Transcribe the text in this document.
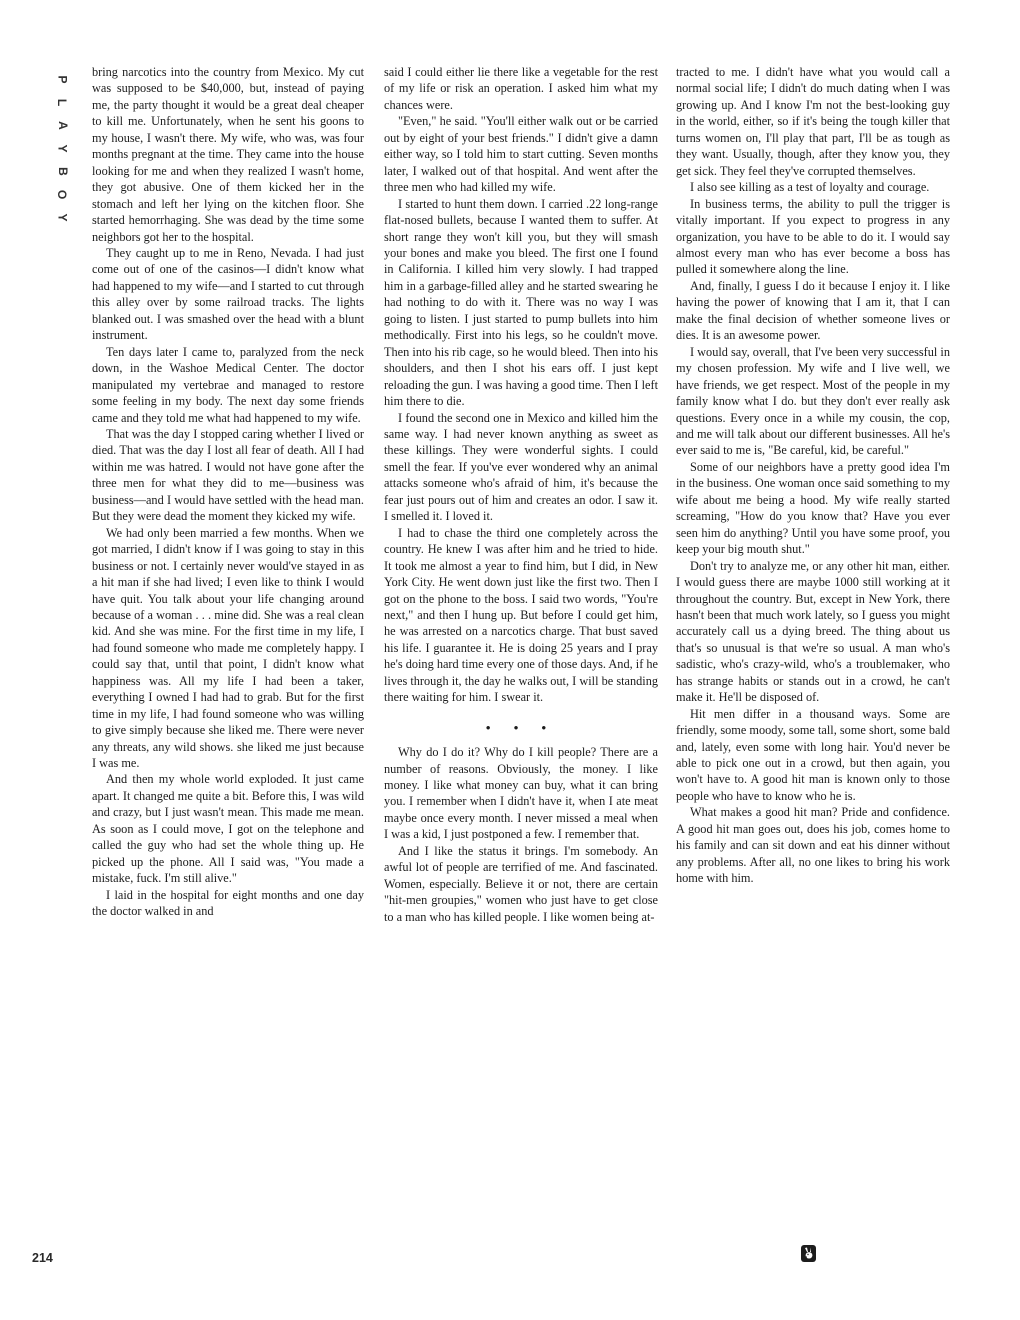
P
L
A
Y
B
O
Y
214

bring narcotics into the country from Mexico. My cut was supposed to be $40,000, but, instead of paying me, the party thought it would be a great deal cheaper to kill me. Unfortunately, when he sent his goons to my house, I wasn't there. My wife, who was, was four months pregnant at the time. They came into the house looking for me and when they realized I wasn't home, they got abusive. One of them kicked her in the stomach and left her lying on the kitchen floor. She started hemorrhaging. She was dead by the time some neighbors got her to the hospital.

They caught up to me in Reno, Nevada. I had just come out of one of the casinos—I didn't know what had happened to my wife—and I started to cut through this alley over by some railroad tracks. The lights blanked out. I was smashed over the head with a blunt instrument.

Ten days later I came to, paralyzed from the neck down, in the Washoe Medical Center. The doctor manipulated my vertebrae and managed to restore some feeling in my body. The next day some friends came and they told me what had happened to my wife.

That was the day I stopped caring whether I lived or died. That was the day I lost all fear of death. All I had within me was hatred. I would not have gone after the three men for what they did to me—business was business—and I would have settled with the head man. But they were dead the moment they kicked my wife.

We had only been married a few months. When we got married, I didn't know if I was going to stay in this business or not. I certainly never would've stayed in as a hit man if she had lived; I even like to think I would have quit. You talk about your life changing around because of a woman . . . mine did. She was a real clean kid. And she was mine. For the first time in my life, I had found someone who made me completely happy. I could say that, until that point, I didn't know what happiness was. All my life I had been a taker, everything I owned I had had to grab. But for the first time in my life, I had found someone who was willing to give simply because she liked me. There were never any threats, any wild shows. she liked me just because I was me.

And then my whole world exploded. It just came apart. It changed me quite a bit. Before this, I was wild and crazy, but I just wasn't mean. This made me mean. As soon as I could move, I got on the telephone and called the guy who had set the whole thing up. He picked up the phone. All I said was, "You made a mistake, fuck. I'm still alive."

I laid in the hospital for eight months and one day the doctor walked in and

said I could either lie there like a vegetable for the rest of my life or risk an operation. I asked him what my chances were.

"Even," he said. "You'll either walk out or be carried out by eight of your best friends." I didn't give a damn either way, so I told him to start cutting. Seven months later, I walked out of that hospital. And went after the three men who had killed my wife.

I started to hunt them down. I carried .22 long-range flat-nosed bullets, because I wanted them to suffer. At short range they won't kill you, but they will smash your bones and make you bleed. The first one I found in California. I killed him very slowly. I had trapped him in a garbage-filled alley and he started swearing he had nothing to do with it. There was no way I was going to listen. I just started to pump bullets into him methodically. First into his legs, so he couldn't move. Then into his rib cage, so he would bleed. Then into his shoulders, and then I shot his ears off. I just kept reloading the gun. I was having a good time. Then I left him there to die.

I found the second one in Mexico and killed him the same way. I had never known anything as sweet as these killings. They were wonderful sights. I could smell the fear. If you've ever wondered why an animal attacks someone who's afraid of him, it's because the fear just pours out of him and creates an odor. I saw it. I smelled it. I loved it.

I had to chase the third one completely across the country. He knew I was after him and he tried to hide. It took me almost a year to find him, but I did, in New York City. He went down just like the first two. Then I got on the phone to the boss. I said two words, "You're next," and then I hung up. But before I could get him, he was arrested on a narcotics charge. That bust saved his life. I guarantee it. He is doing 25 years and I pray he's doing hard time every one of those days. And, if he lives through it, the day he walks out, I will be standing there waiting for him. I swear it.

• • •

Why do I do it? Why do I kill people? There are a number of reasons. Obviously, the money. I like money. I like what money can buy, what it can bring you. I remember when I didn't have it, when I ate meat maybe once every month. I never missed a meal when I was a kid, I just postponed a few. I remember that.

And I like the status it brings. I'm somebody. An awful lot of people are terrified of me. And fascinated. Women, especially. Believe it or not, there are certain "hit-men groupies," women who just have to get close to a man who has killed people. I like women being at-

tracted to me. I didn't have what you would call a normal social life; I didn't do much dating when I was growing up. And I know I'm not the best-looking guy in the world, either, so if it's being the tough killer that turns women on, I'll play that part, I'll be as tough as they want. Usually, though, after they know you, they get sick. They feel they've corrupted themselves.

I also see killing as a test of loyalty and courage.

In business terms, the ability to pull the trigger is vitally important. If you expect to progress in any organization, you have to be able to do it. I would say almost every man who has ever become a boss has pulled it somewhere along the line.

And, finally, I guess I do it because I enjoy it. I like having the power of knowing that I am it, that I can make the final decision of whether someone lives or dies. It is an awesome power.

I would say, overall, that I've been very successful in my chosen profession. My wife and I live well, we have friends, we get respect. Most of the people in my family know what I do. but they don't ever really ask questions. Every once in a while my cousin, the cop, and me will talk about our different businesses. All he's ever said to me is, "Be careful, kid, be careful."

Some of our neighbors have a pretty good idea I'm in the business. One woman once said something to my wife about me being a hood. My wife really started screaming, "How do you know that? Have you ever seen him do anything? Until you have some proof, you keep your big mouth shut."

Don't try to analyze me, or any other hit man, either. I would guess there are maybe 1000 still working at it throughout the country. But, except in New York, there hasn't been that much work lately, so I guess you might accurately call us a dying breed. The thing about us that's so unusual is that we're so usual. A man who's sadistic, who's crazy-wild, who's a troublemaker, who has strange habits or stands out in a crowd, he can't make it. He'll be disposed of.

Hit men differ in a thousand ways. Some are friendly, some moody, some tall, some short, some bald and, lately, even some with long hair. You'd never be able to pick one out in a crowd, but then again, you won't have to. A good hit man is known only to those people who have to know who he is.

What makes a good hit man? Pride and confidence. A good hit man goes out, does his job, comes home to his family and can sit down and eat his dinner without any problems. After all, no one likes to bring his work home with him.
